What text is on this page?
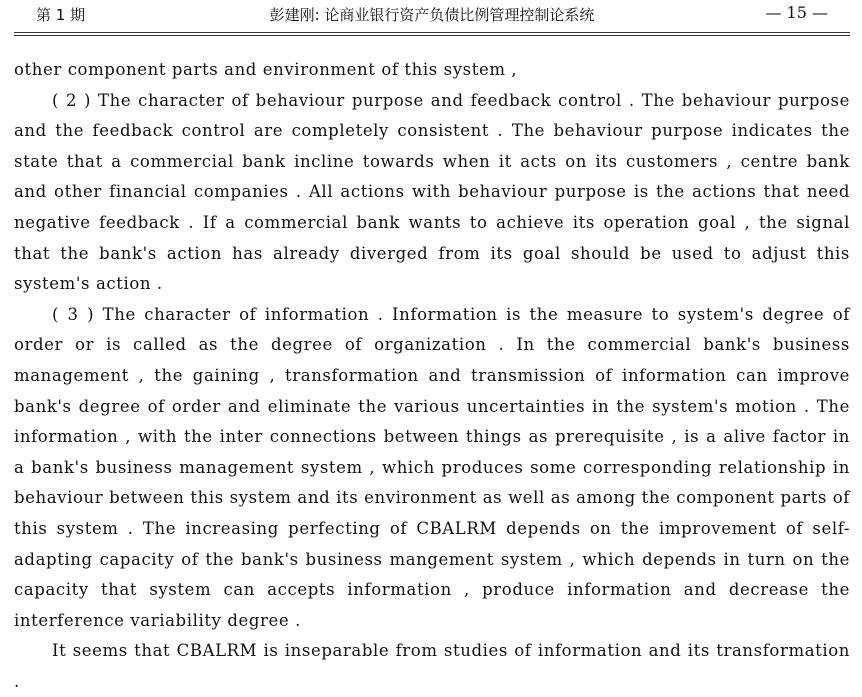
第 1 期	彭建刚: 论商业银行资产负债比例管理控制论系统	— 15 —

other component parts and environment of this system ,

( 2 ) The character of behaviour purpose and feedback control . The behaviour purpose and the feedback control are completely consistent . The behaviour purpose indicates the state that a commercial bank incline towards when it acts on its customers , centre bank and other financial companies . All actions with behaviour purpose is the actions that need negative feedback . If a commercial bank wants to achieve its operation goal , the signal that the bank's action has already diverged from its goal should be used to adjust this system's action .

( 3 ) The character of information . Information is the measure to system's degree of order or is called as the degree of organization . In the commercial bank's business management , the gaining , transformation and transmission of information can improve bank's degree of order and eliminate the various uncertainties in the system's motion . The information , with the inter connections between things as prerequisite , is a alive factor in a bank's business management system , which produces some corresponding relationship in behaviour between this system and its environment as well as among the component parts of this system . The increasing perfecting of CBALRM depends on the improvement of self-adapting capacity of the bank's business mangement system , which depends in turn on the capacity that system can accepts information , produce information and decrease the interference variability degree .

It seems that CBALRM is inseparable from studies of information and its transformation .
